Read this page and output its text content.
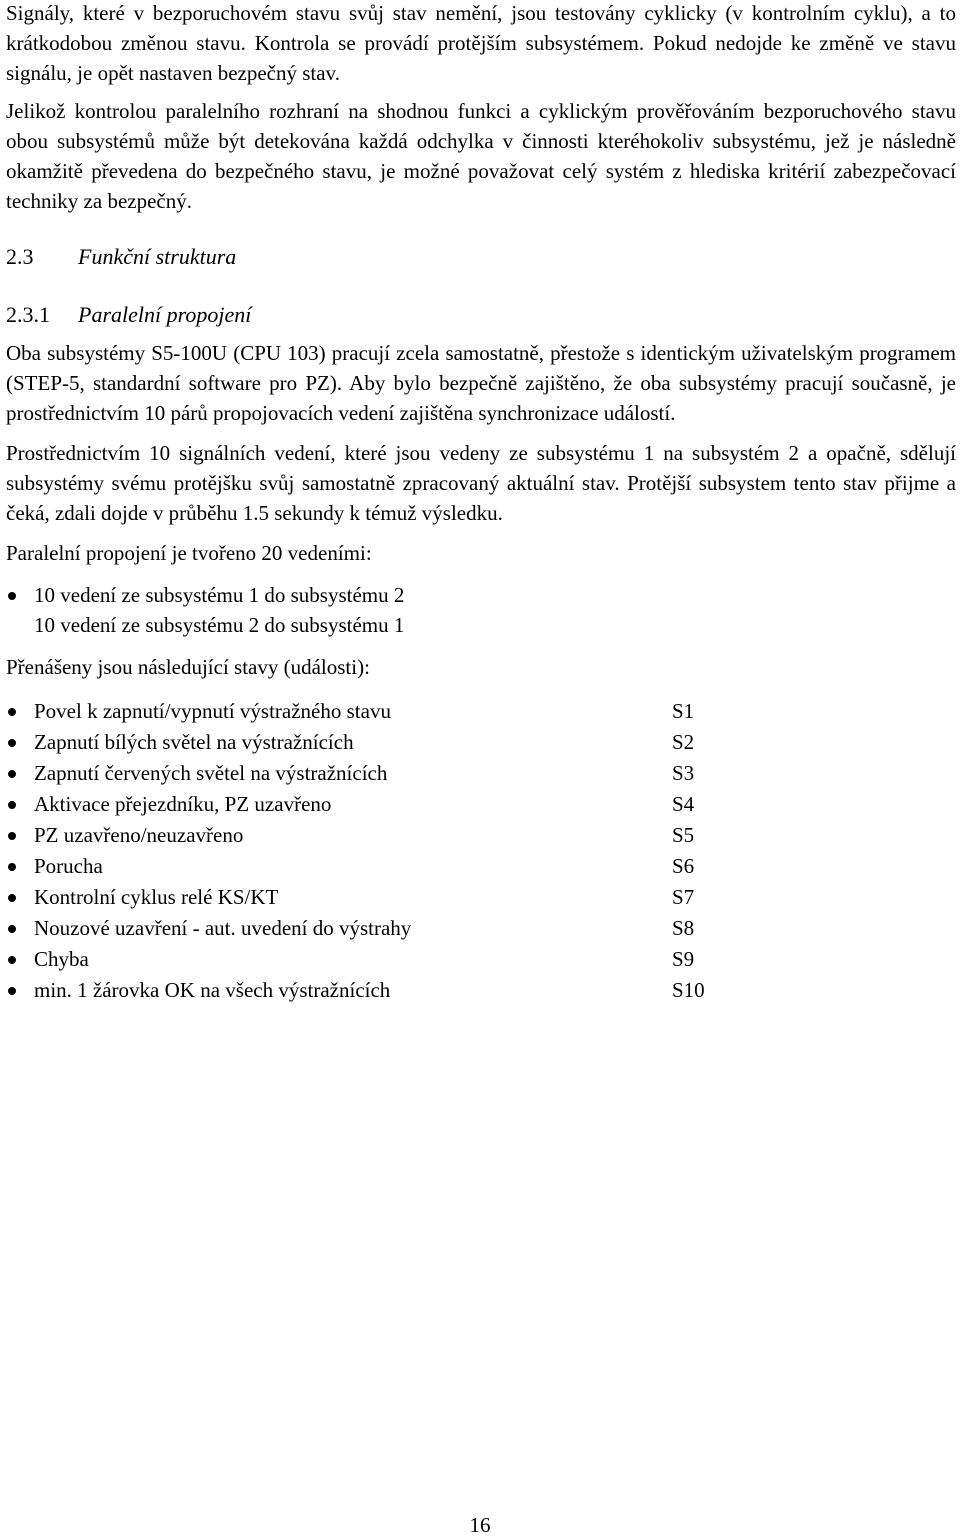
Signály, které v bezporuchovém stavu svůj stav nemění, jsou testovány cyklicky (v kontrolním cyklu), a to krátkodobou změnou stavu. Kontrola se provádí protějším subsystémem. Pokud nedojde ke změně ve stavu signálu, je opět nastaven bezpečný stav.

Jelikož kontrolou paralelního rozhraní na shodnou funkci a cyklickým prověřováním bezporuchového stavu obou subsystémů může být detekována každá odchylka v činnosti kteréhokoliv subsystému, jež je následně okamžitě převedena do bezpečného stavu, je možné považovat celý systém z hlediska kritérií zabezpečovací techniky za bezpečný.

2.3	Funkční struktura
2.3.1	Paralelní propojení

Oba subsystémy S5-100U (CPU 103) pracují zcela samostatně, přestože s identickým uživatelským programem (STEP-5, standardní software pro PZ). Aby bylo bezpečně zajištěno, že oba subsystémy pracují současně, je prostřednictvím 10 párů propojovacích vedení zajištěna synchronizace událostí.

Prostřednictvím 10 signálních vedení, které jsou vedeny ze subsystému 1 na subsystém 2 a opačně, sdělují subsystémy svému protějšku svůj samostatně zpracovaný aktuální stav. Protější subsystem tento stav přijme a čeká, zdali dojde v průběhu 1.5 sekundy k témuž výsledku.

Paralelní propojení je tvořeno 20 vedeními:

10 vedení ze subsystému 1 do subsystému 2
10 vedení ze subsystému 2 do subsystému 1

Přenášeny jsou následující stavy (události):

Povel k zapnutí/vypnutí výstražného stavu	S1
Zapnutí bílých světel na výstražnících	S2
Zapnutí červených světel na výstražnících	S3
Aktivace přejezdníku, PZ uzavřeno	S4
PZ uzavřeno/neuzavřeno	S5
Porucha	S6
Kontrolní cyklus relé KS/KT	S7
Nouzové uzavření - aut. uvedení do výstrahy	S8
Chyba	S9
min. 1 žárovka OK na všech výstražnících	S10
16
